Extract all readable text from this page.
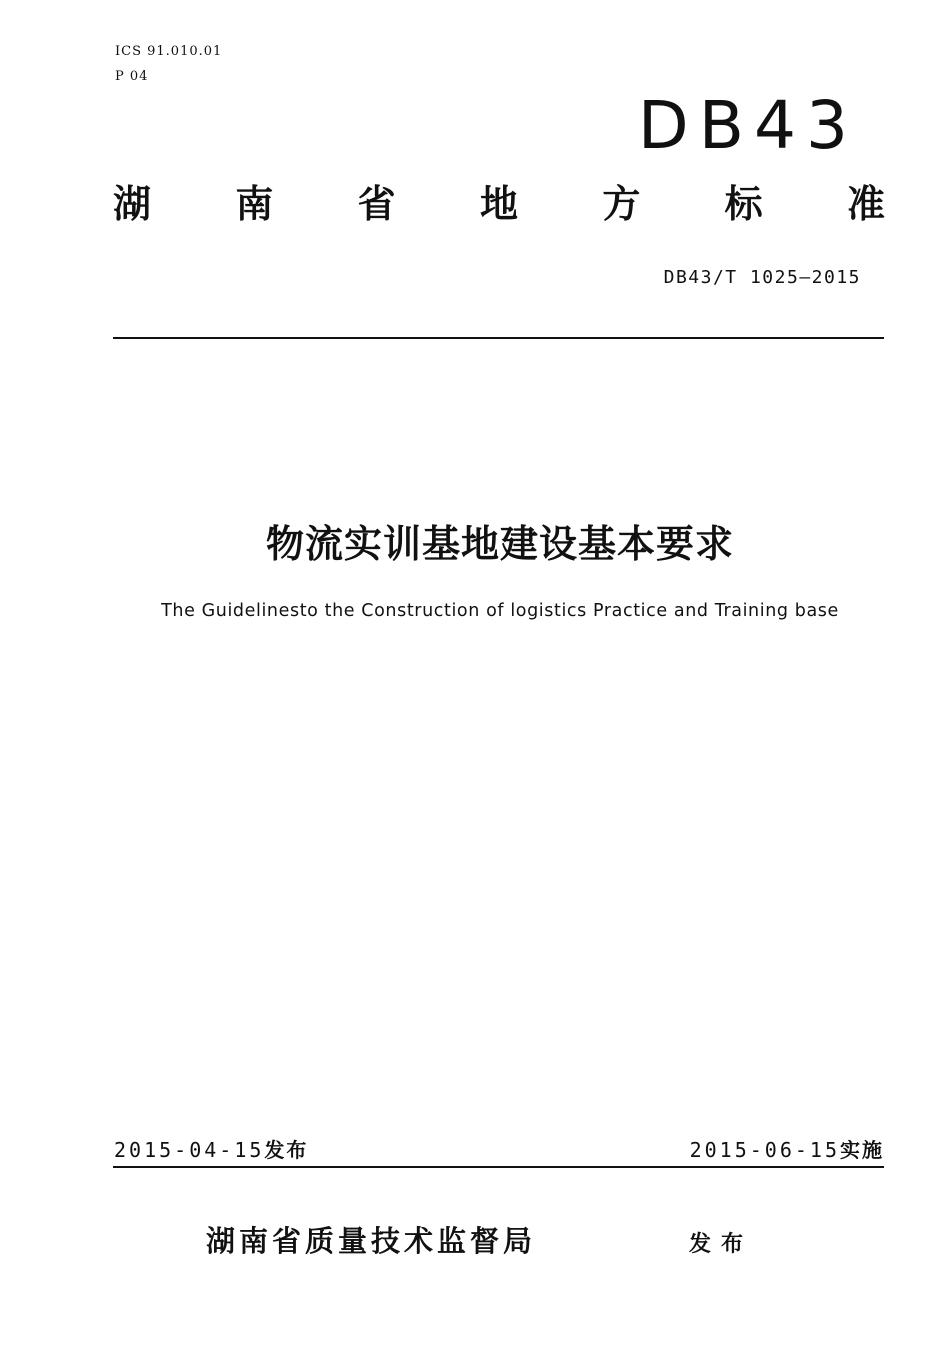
ICS 91.010.01
P 04
DB43
湖 南 省 地 方 标 准
DB43/T 1025—2015
物流实训基地建设基本要求
The Guidelinesto the Construction of logistics Practice and Training base
2015-04-15发布	2015-06-15实施
湖南省质量技术监督局	发布
